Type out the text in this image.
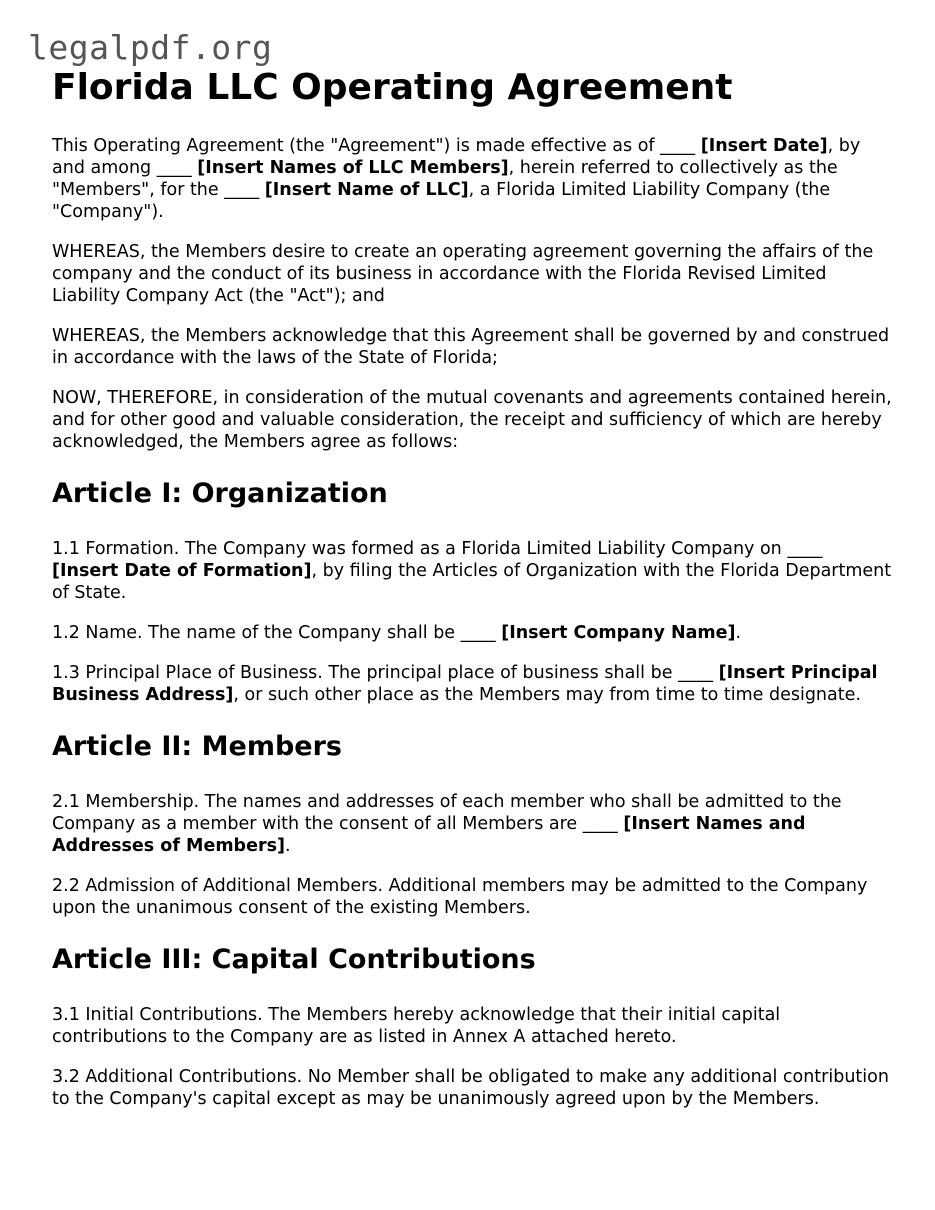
legalpdf.org
Florida LLC Operating Agreement

This Operating Agreement (the "Agreement") is made effective as of ____ [Insert Date], by and among ____ [Insert Names of LLC Members], herein referred to collectively as the "Members", for the ____ [Insert Name of LLC], a Florida Limited Liability Company (the "Company").

WHEREAS, the Members desire to create an operating agreement governing the affairs of the company and the conduct of its business in accordance with the Florida Revised Limited Liability Company Act (the "Act"); and

WHEREAS, the Members acknowledge that this Agreement shall be governed by and construed in accordance with the laws of the State of Florida;

NOW, THEREFORE, in consideration of the mutual covenants and agreements contained herein, and for other good and valuable consideration, the receipt and sufficiency of which are hereby acknowledged, the Members agree as follows:

Article I: Organization

1.1 Formation. The Company was formed as a Florida Limited Liability Company on ____ [Insert Date of Formation], by filing the Articles of Organization with the Florida Department of State.

1.2 Name. The name of the Company shall be ____ [Insert Company Name].

1.3 Principal Place of Business. The principal place of business shall be ____ [Insert Principal Business Address], or such other place as the Members may from time to time designate.

Article II: Members

2.1 Membership. The names and addresses of each member who shall be admitted to the Company as a member with the consent of all Members are ____ [Insert Names and Addresses of Members].

2.2 Admission of Additional Members. Additional members may be admitted to the Company upon the unanimous consent of the existing Members.

Article III: Capital Contributions

3.1 Initial Contributions. The Members hereby acknowledge that their initial capital contributions to the Company are as listed in Annex A attached hereto.

3.2 Additional Contributions. No Member shall be obligated to make any additional contribution to the Company's capital except as may be unanimously agreed upon by the Members.
